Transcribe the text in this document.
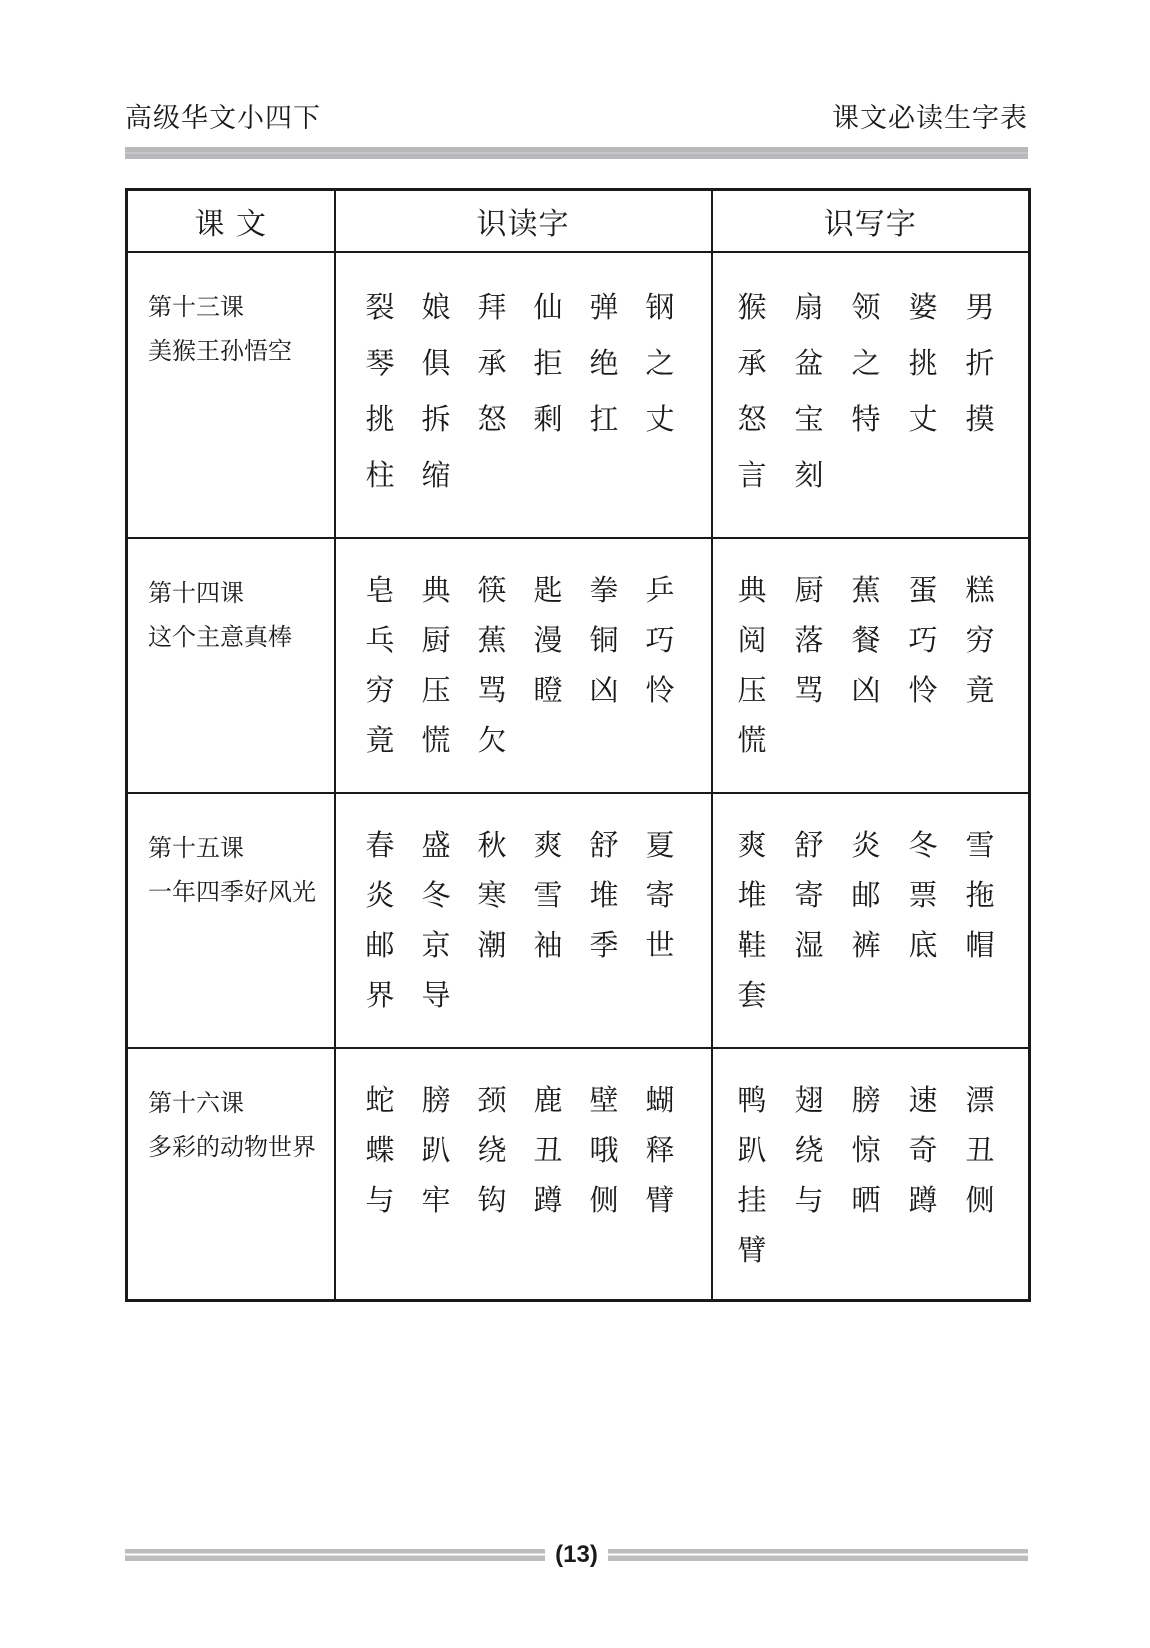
高级华文小四下	课文必读生字表
课 文	识读字	识写字

第十三课
美猴王孙悟空

裂 娘 拜 仙 弹 钢
琴 俱 承 拒 绝 之
挑 拆 怒 剩 扛 丈
柱 缩

猴 扇 领 婆 男
承 盆 之 挑 折
怒 宝 特 丈 摸
言 刻

第十四课
这个主意真棒

皂 典 筷 匙 拳 乒
乓 厨 蕉 漫 铜 巧
穷 压 骂 瞪 凶 怜
竟 慌 欠

典 厨 蕉 蛋 糕
阅 落 餐 巧 穷
压 骂 凶 怜 竟
慌

第十五课
一年四季好风光

春 盛 秋 爽 舒 夏
炎 冬 寒 雪 堆 寄
邮 京 潮 袖 季 世
界 导

爽 舒 炎 冬 雪
堆 寄 邮 票 拖
鞋 湿 裤 底 帽
套

第十六课
多彩的动物世界

蛇 膀 颈 鹿 壁 蝴
蝶 趴 绕 丑 哦 释
与 牢 钩 蹲 侧 臂

鸭 翅 膀 速 漂
趴 绕 惊 奇 丑
挂 与 晒 蹲 侧
臂
(13)
